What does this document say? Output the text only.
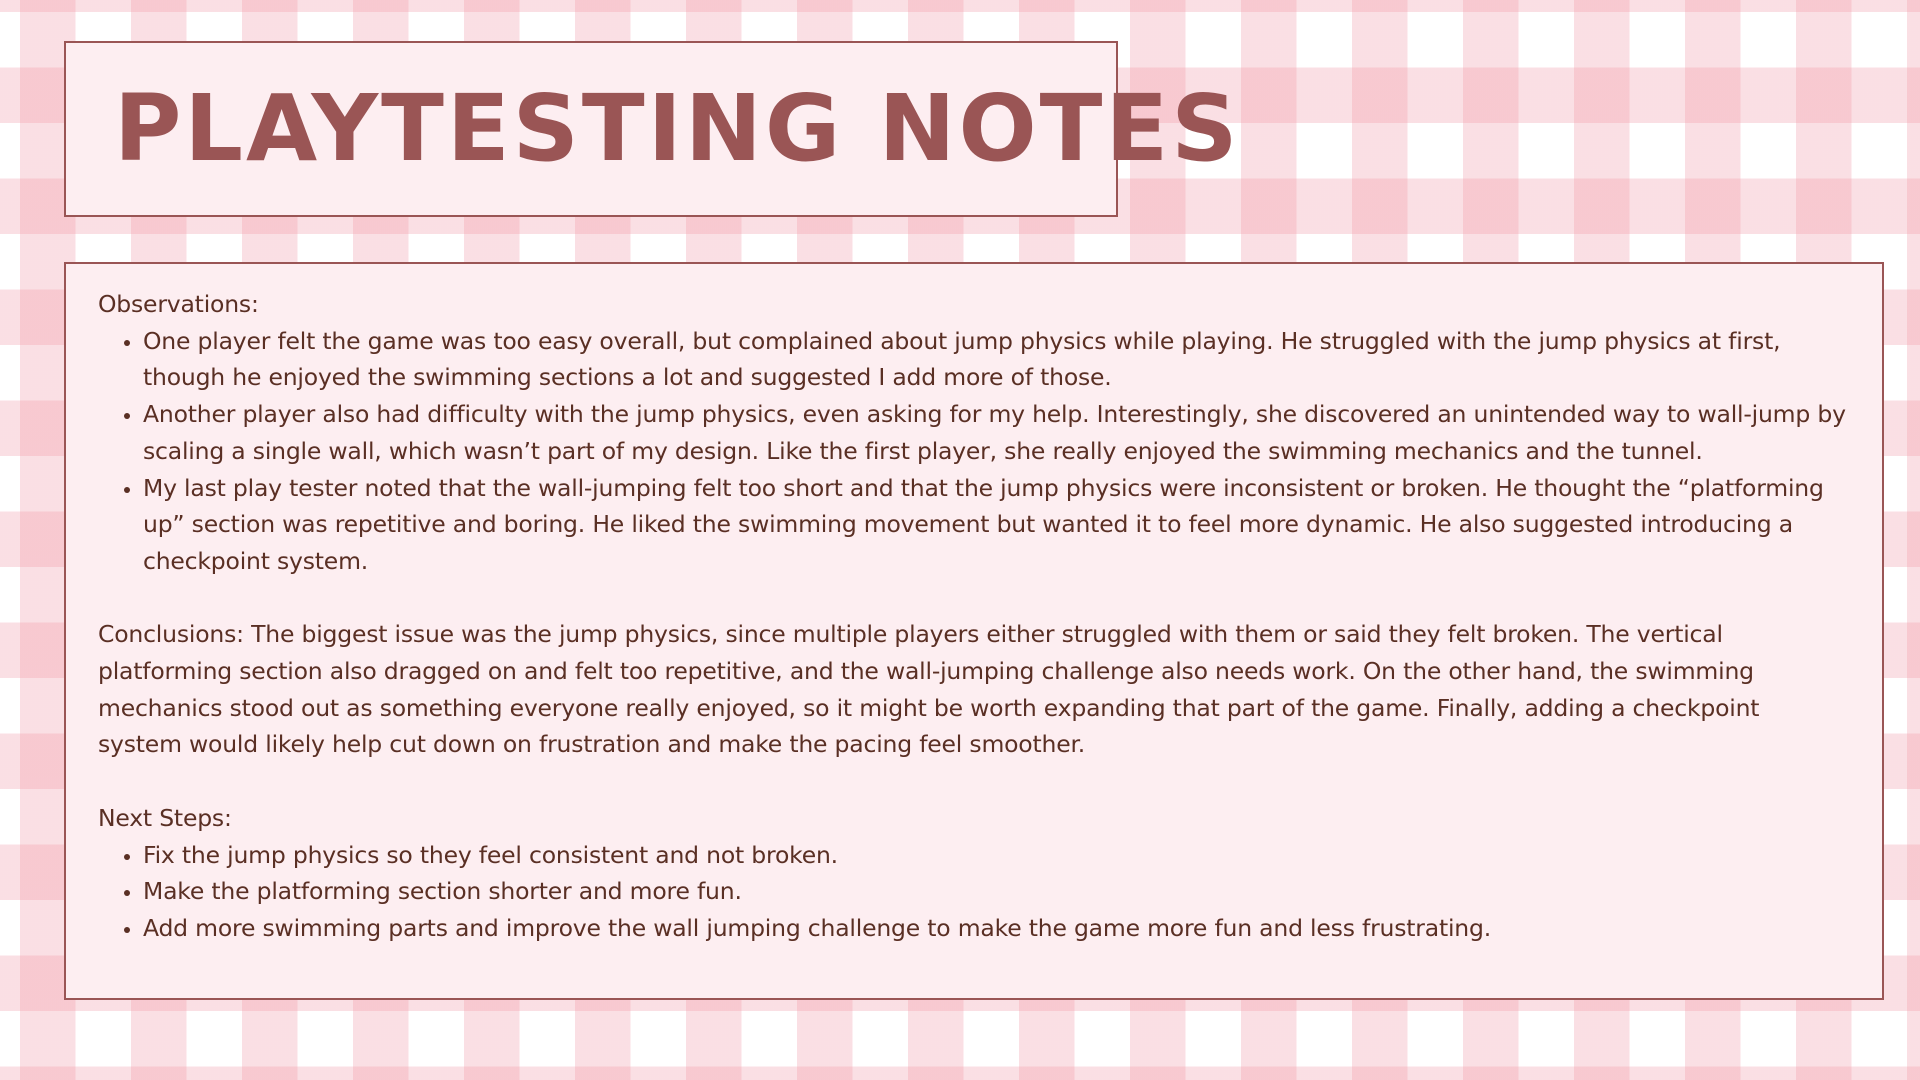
PLAYTESTING NOTES

Observations:

• One player felt the game was too easy overall, but complained about jump physics while playing. He struggled with the jump physics at first, though he enjoyed the swimming sections a lot and suggested I add more of those.
• Another player also had difficulty with the jump physics, even asking for my help. Interestingly, she discovered an unintended way to wall-jump by scaling a single wall, which wasn’t part of my design. Like the first player, she really enjoyed the swimming mechanics and the tunnel.
• My last play tester noted that the wall-jumping felt too short and that the jump physics were inconsistent or broken. He thought the “platforming up” section was repetitive and boring. He liked the swimming movement but wanted it to feel more dynamic. He also suggested introducing a checkpoint system.

Conclusions: The biggest issue was the jump physics, since multiple players either struggled with them or said they felt broken. The vertical platforming section also dragged on and felt too repetitive, and the wall-jumping challenge also needs work. On the other hand, the swimming mechanics stood out as something everyone really enjoyed, so it might be worth expanding that part of the game. Finally, adding a checkpoint system would likely help cut down on frustration and make the pacing feel smoother.

Next Steps:

• Fix the jump physics so they feel consistent and not broken.
• Make the platforming section shorter and more fun.
• Add more swimming parts and improve the wall jumping challenge to make the game more fun and less frustrating.
